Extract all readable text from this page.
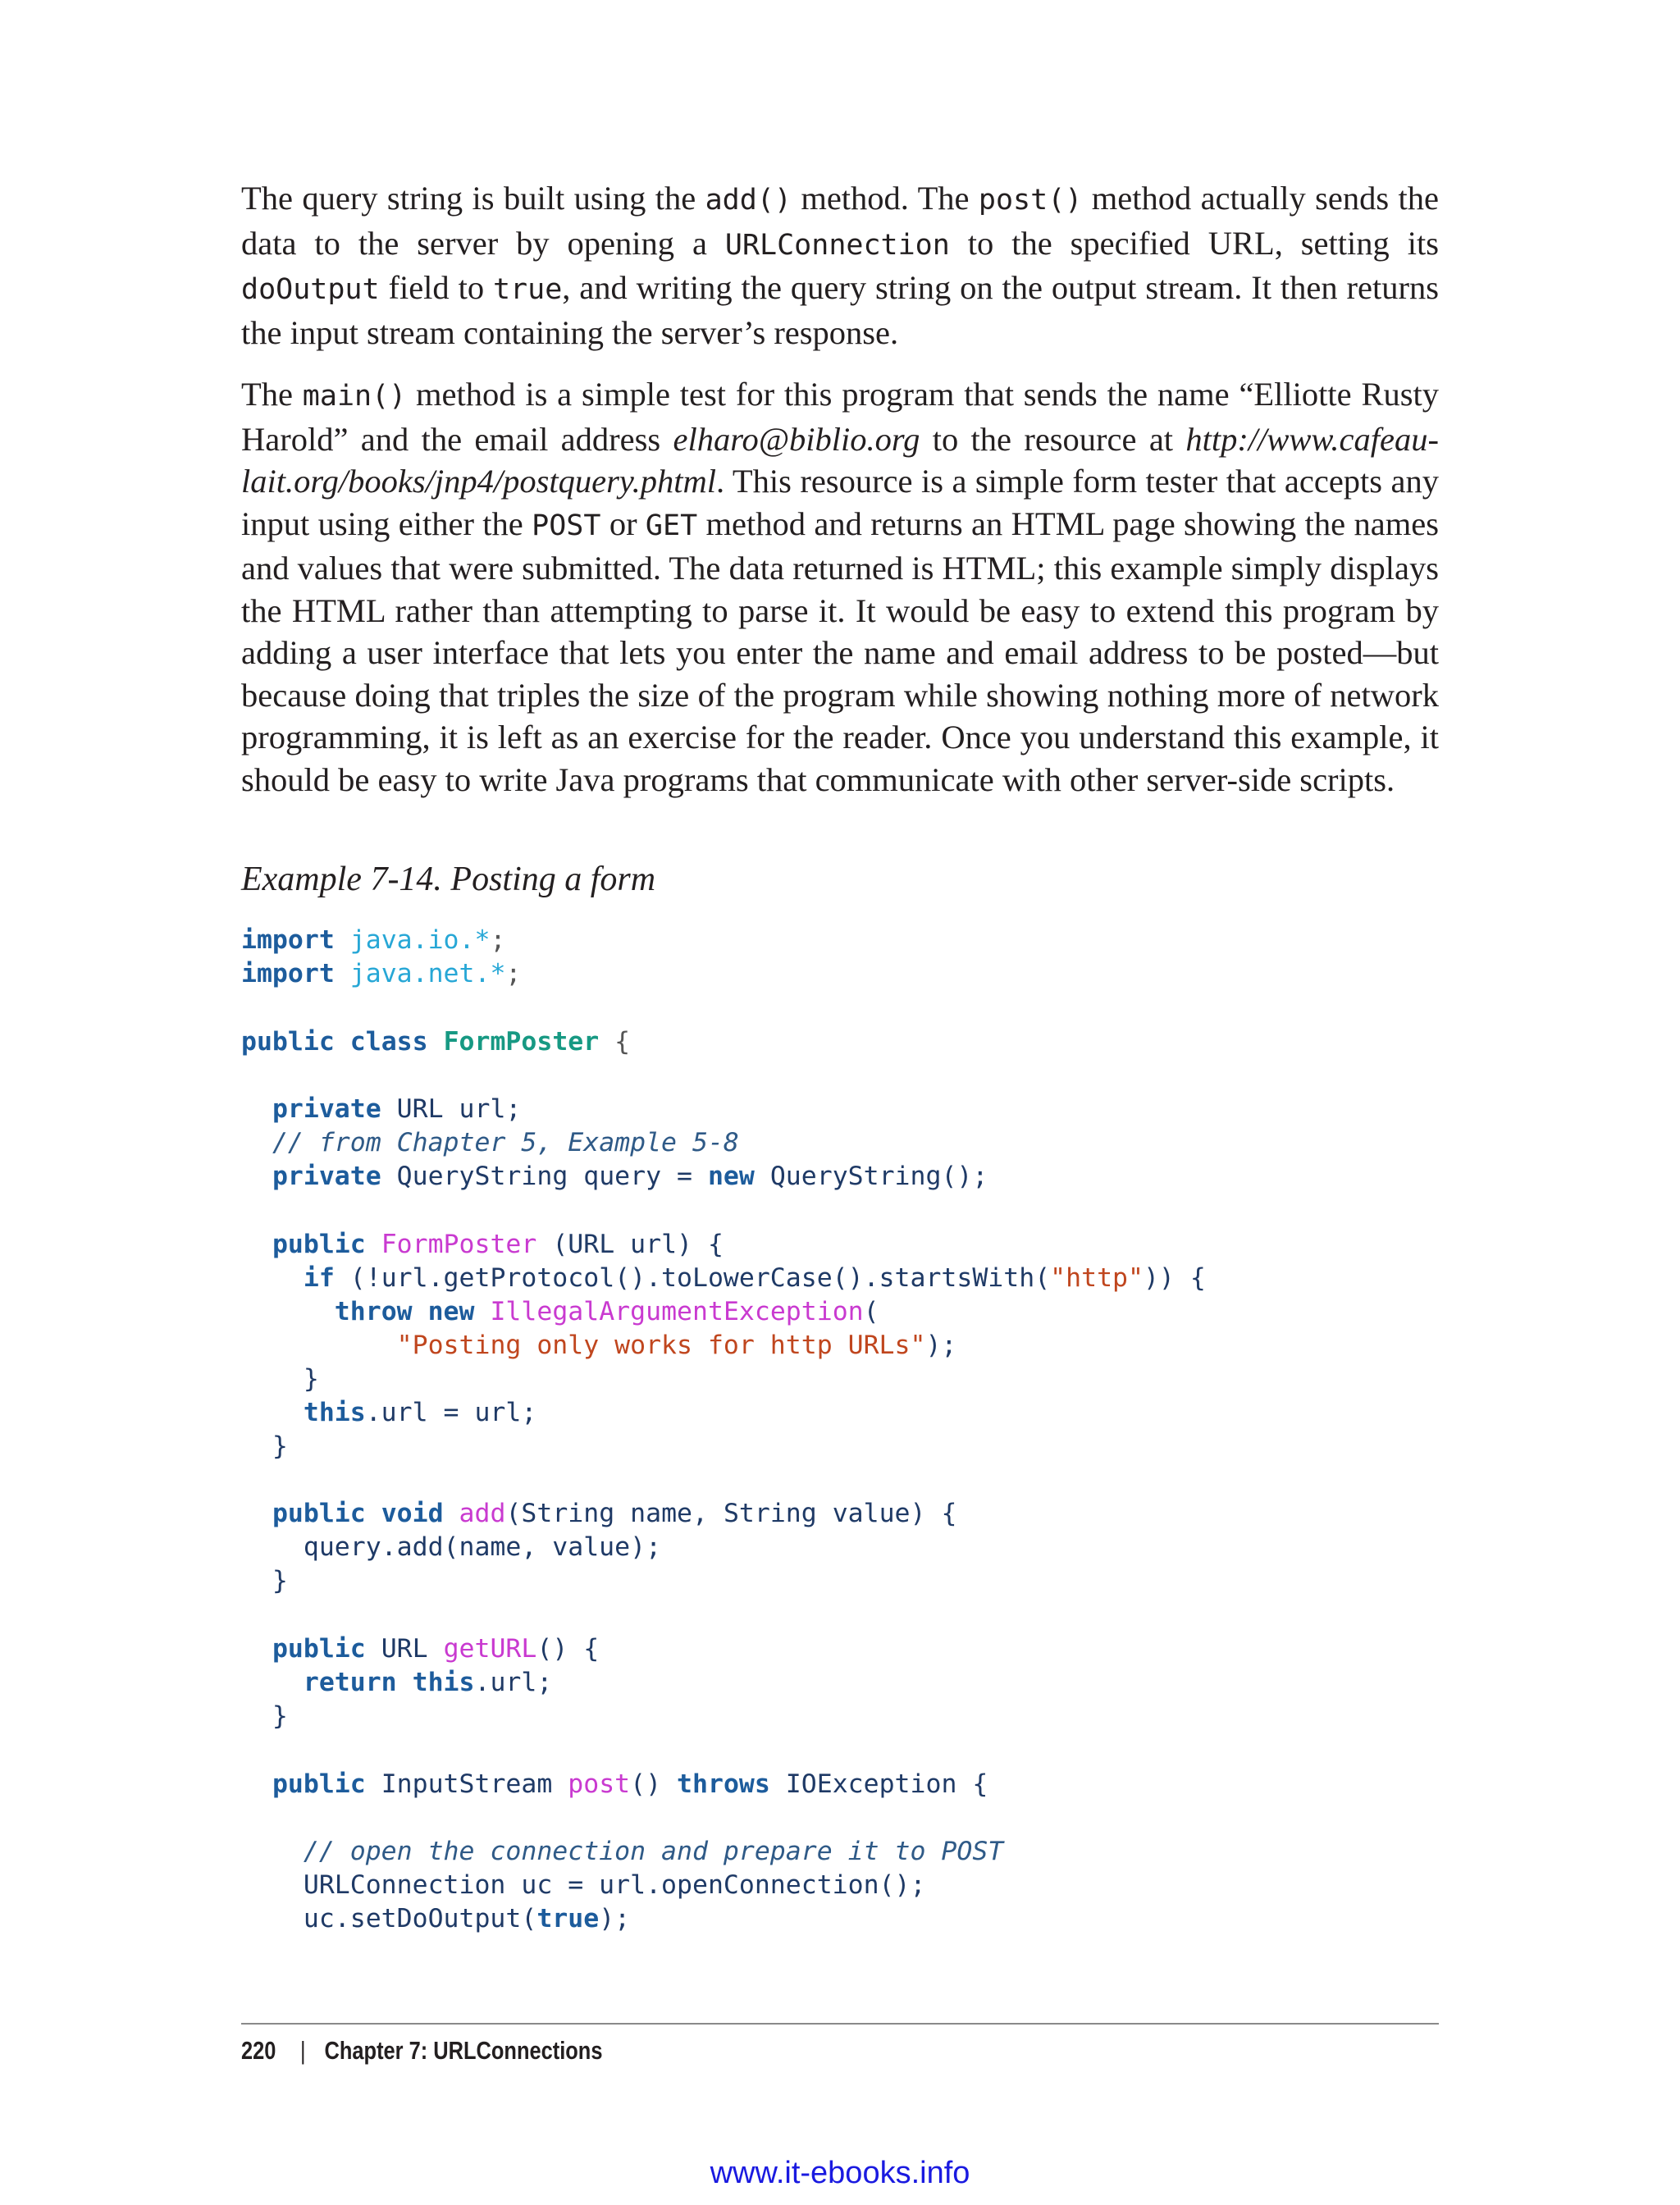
The query string is built using the add() method. The post() method actually sends the data to the server by opening a URLConnection to the specified URL, setting its doOutput field to true, and writing the query string on the output stream. It then returns the input stream containing the server’s response.

The main() method is a simple test for this program that sends the name “Elliotte Rusty Harold” and the email address elharo@biblio.org to the resource at http://www.cafeaulait.org/books/jnp4/postquery.phtml. This resource is a simple form tester that accepts any input using either the POST or GET method and returns an HTML page showing the names and values that were submitted. The data returned is HTML; this example simply displays the HTML rather than attempting to parse it. It would be easy to extend this program by adding a user interface that lets you enter the name and email address to be posted—but because doing that triples the size of the program while showing nothing more of network programming, it is left as an exercise for the reader. Once you understand this example, it should be easy to write Java programs that communicate with other server-side scripts.

Example 7-14. Posting a form

import java.io.*;
import java.net.*;
public class FormPoster {
private URL url;
// from Chapter 5, Example 5-8
private QueryString query = new QueryString();
public FormPoster (URL url) {
if (!url.getProtocol().toLowerCase().startsWith("http")) {
throw new IllegalArgumentException(
"Posting only works for http URLs");
}
this.url = url;
}
public void add(String name, String value) {
query.add(name, value);
}
public URL getURL() {
return this.url;
}
public InputStream post() throws IOException {
// open the connection and prepare it to POST
URLConnection uc = url.openConnection();
uc.setDoOutput(true);

220 | Chapter 7: URLConnections

www.it-ebooks.info
